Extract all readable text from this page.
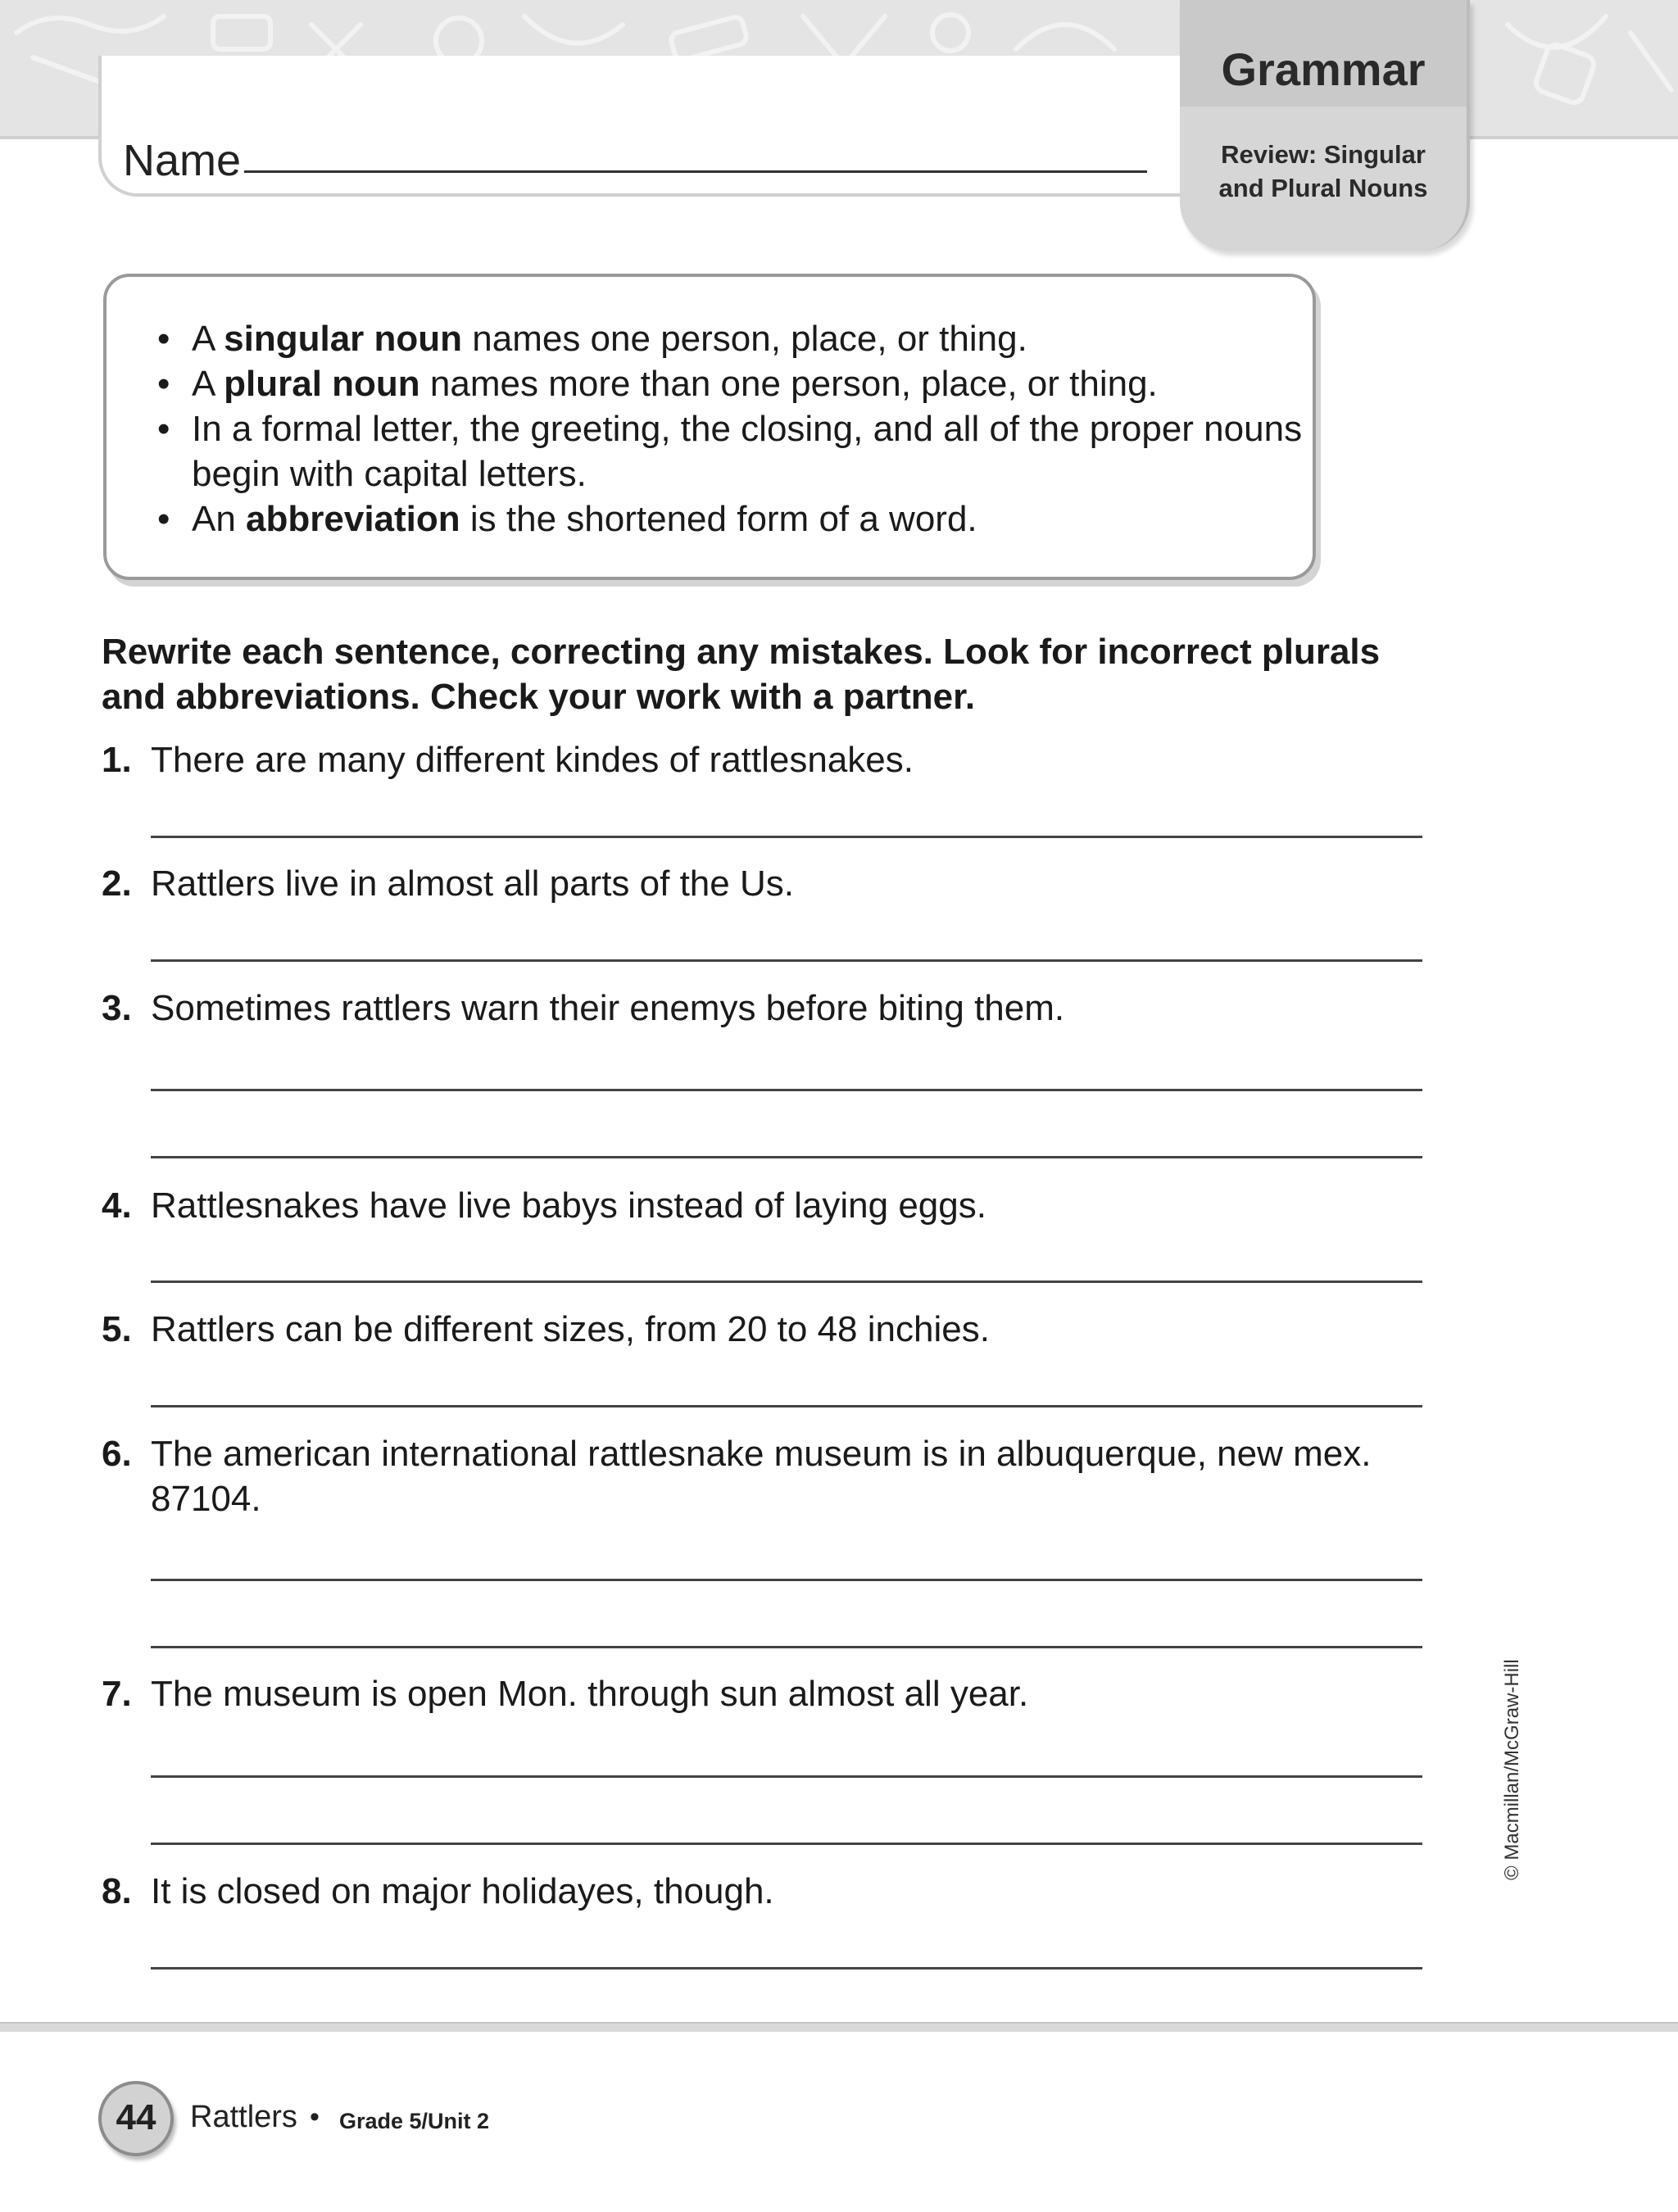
Name
Grammar
Review: Singular
and Plural Nouns
• A singular noun names one person, place, or thing.
• A plural noun names more than one person, place, or thing.
• In a formal letter, the greeting, the closing, and all of the proper nouns begin with capital letters.
• An abbreviation is the shortened form of a word.
Rewrite each sentence, correcting any mistakes. Look for incorrect plurals and abbreviations. Check your work with a partner.
1. There are many different kindes of rattlesnakes.
2. Rattlers live in almost all parts of the Us.
3. Sometimes rattlers warn their enemys before biting them.
4. Rattlesnakes have live babys instead of laying eggs.
5. Rattlers can be different sizes, from 20 to 48 inchies.
6. The american international rattlesnake museum is in albuquerque, new mex. 87104.
7. The museum is open Mon. through sun almost all year.
8. It is closed on major holidayes, though.
© Macmillan/McGraw-Hill
44	Rattlers • Grade 5/Unit 2
